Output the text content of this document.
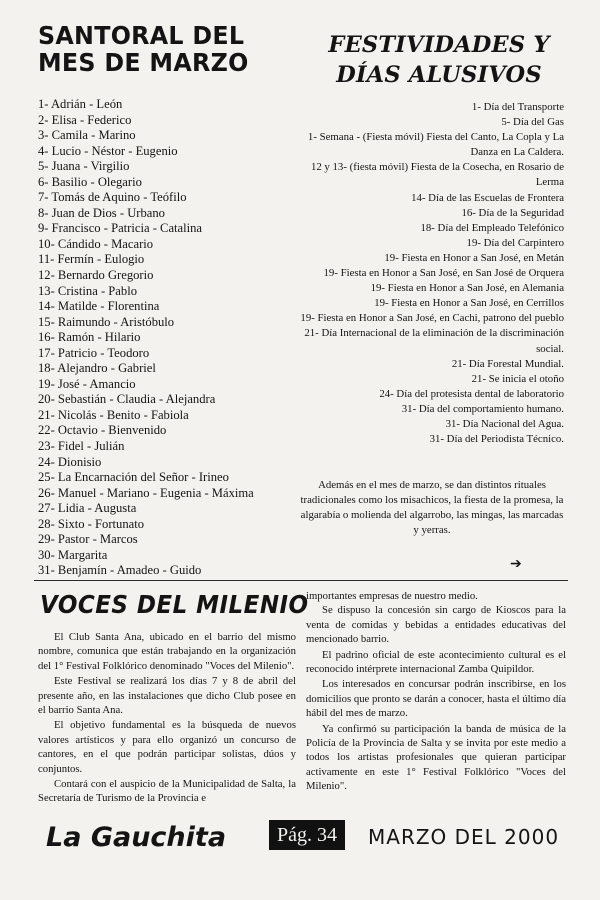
SANTORAL DEL
MES DE MARZO
FESTIVIDADES Y
DÍAS ALUSIVOS
1- Adrián - León
2- Elisa - Federico
3- Camila - Marino
4- Lucio - Néstor - Eugenio
5- Juana - Virgilio
6- Basilio - Olegario
7- Tomás de Aquino - Teófilo
8- Juan de Dios - Urbano
9- Francisco - Patricia - Catalina
10- Cándido - Macario
11- Fermín - Eulogio
12- Bernardo Gregorio
13- Cristina - Pablo
14- Matilde - Florentina
15- Raimundo - Aristóbulo
16- Ramón - Hilario
17- Patricio - Teodoro
18- Alejandro - Gabriel
19- José - Amancio
20- Sebastián - Claudia - Alejandra
21- Nicolás - Benito - Fabiola
22- Octavio - Bienvenido
23- Fidel - Julián
24- Dionisio
25- La Encarnación del Señor - Irineo
26- Manuel - Mariano - Eugenia - Máxima
27- Lidia - Augusta
28- Sixto - Fortunato
29- Pastor - Marcos
30- Margarita
31- Benjamín - Amadeo - Guido
1- Día del Transporte
5- Día del Gas
1- Semana - (Fiesta móvil) Fiesta del Canto, La Copla y La Danza en La Caldera.
12 y 13- (fiesta móvil) Fiesta de la Cosecha, en Rosario de Lerma
14- Día de las Escuelas de Frontera
16- Día de la Seguridad
18- Día del Empleado Telefónico
19- Día del Carpintero
19- Fiesta en Honor a San José, en Metán
19- Fiesta en Honor a San José, en San José de Orquera
19- Fiesta en Honor a San José, en Alemania
19- Fiesta en Honor a San José, en Cerrillos
19- Fiesta en Honor a San José, en Cachi, patrono del pueblo
21- Día Internacional de la eliminación de la discriminación social.
21- Día Forestal Mundial.
21- Se inicia el otoño
24- Día del protesista dental de laboratorio
31- Día del comportamiento humano.
31- Día Nacional del Agua.
31- Día del Periodista Técnico.
Además en el mes de marzo, se dan distintos rituales tradicionales como los misachicos, la fiesta de la promesa, la algarabía o molienda del algarrobo, las mingas, las marcadas y yerras.
➔
VOCES DEL MILENIO

El Club Santa Ana, ubicado en el barrio del mismo nombre, comunica que están trabajando en la organización del 1° Festival Folklórico denominado "Voces del Milenio".

Este Festival se realizará los días 7 y 8 de abril del presente año, en las instalaciones que dicho Club posee en el barrio Santa Ana.

El objetivo fundamental es la búsqueda de nuevos valores artísticos y para ello organizó un concurso de cantores, en el que podrán participar solistas, dúos y conjuntos.

Contará con el auspicio de la Municipalidad de Salta, la Secretaría de Turismo de la Provincia e

importantes empresas de nuestro medio.

Se dispuso la concesión sin cargo de Kioscos para la venta de comidas y bebidas a entidades educativas del mencionado barrio.

El padrino oficial de este acontecimiento cultural es el reconocido intérprete internacional Zamba Quipildor.

Los interesados en concursar podrán inscribirse, en los domicilios que pronto se darán a conocer, hasta el último día hábil del mes de marzo.

Ya confirmó su participación la banda de música de la Policía de la Provincia de Salta y se invita por este medio a todos los artistas profesionales que quieran participar activamente en este 1° Festival Folklórico "Voces del Milenio".

La Gauchita	Pág. 34	MARZO DEL 2000
